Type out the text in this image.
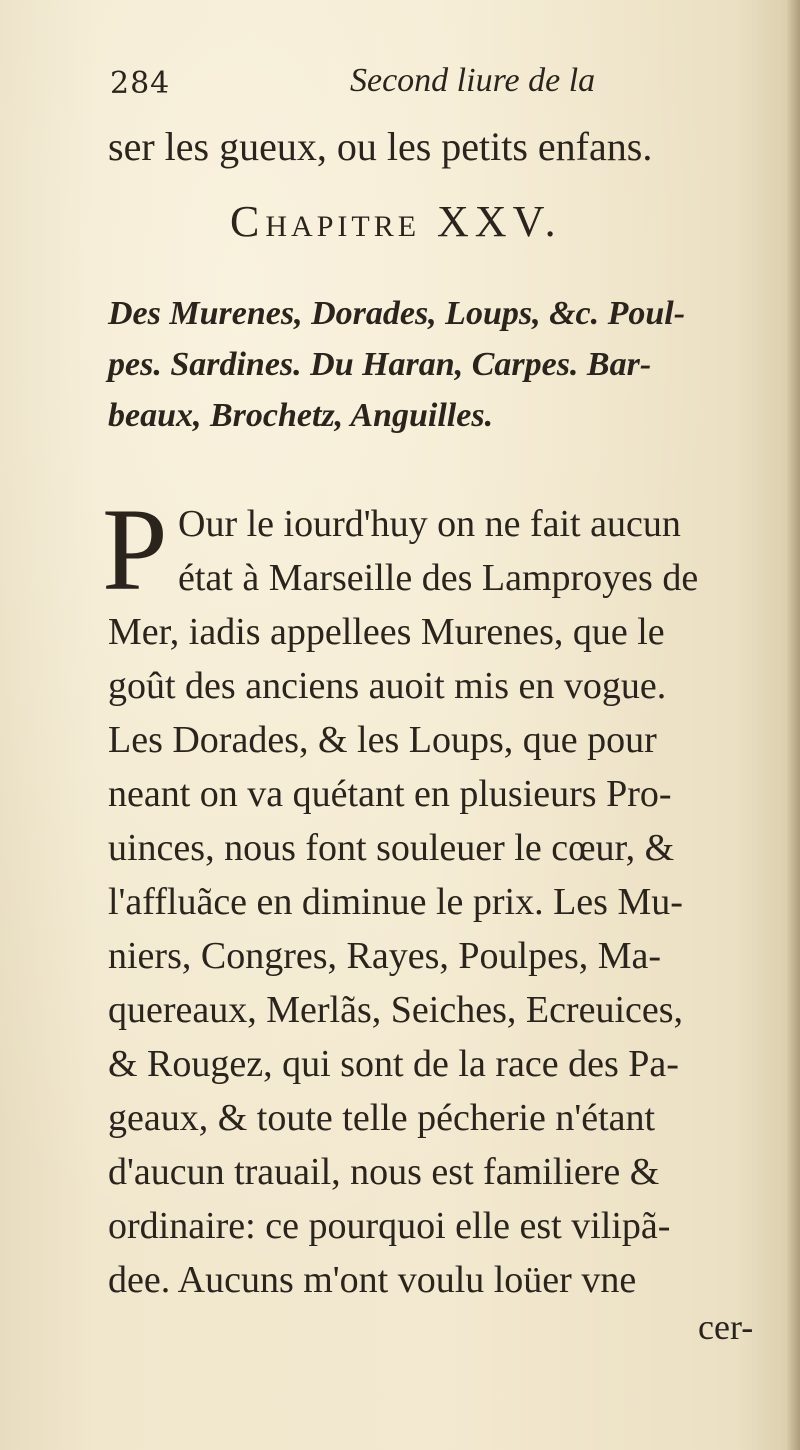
284	Second liure de la
ser les gueux, ou les petits enfans.
CHAPITRE XXV.
Des Murenes, Dorades, Loups, &c. Poul-
pes. Sardines. Du Haran, Carpes. Bar-
beaux, Brochetz, Anguilles.
P Our le iourd'huy on ne fait aucun
état à Marseille des Lamproyes de
Mer, iadis appellees Murenes, que le
goût des anciens auoit mis en vogue.
Les Dorades, & les Loups, que pour
neant on va quétant en plusieurs Pro-
uinces, nous font souleuer le cœur, &
l'affluãce en diminue le prix. Les Mu-
niers, Congres, Rayes, Poulpes, Ma-
quereaux, Merlãs, Seiches, Ecreuices,
& Rougez, qui sont de la race des Pa-
geaux, & toute telle pécherie n'étant
d'aucun trauail, nous est familiere &
ordinaire: ce pourquoi elle est vilipã-
dee. Aucuns m'ont voulu loüer vne
cer-
